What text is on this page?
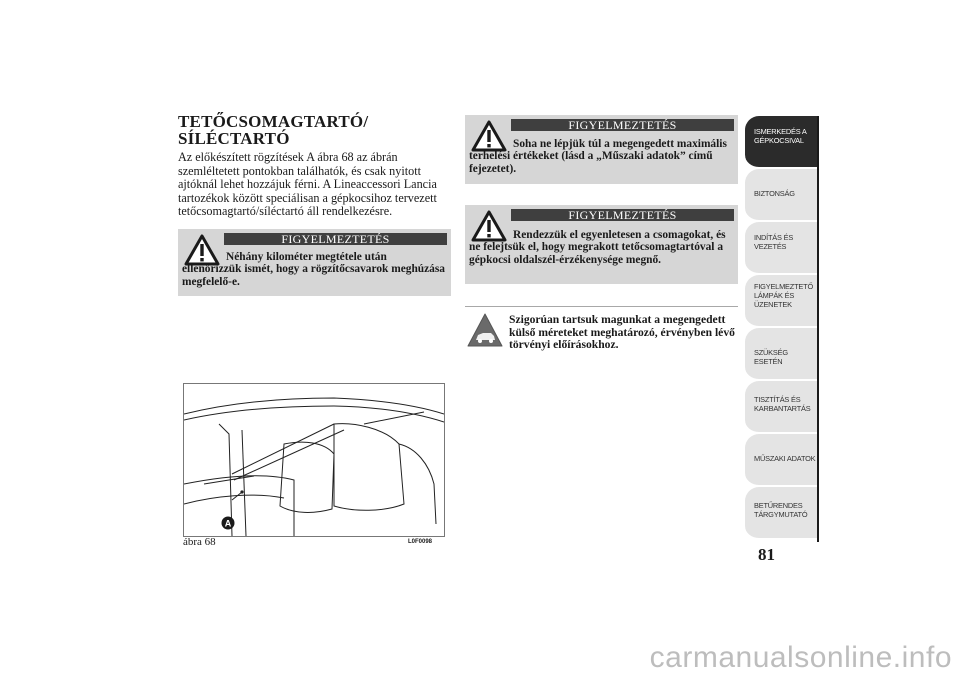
TETŐCSOMAGTARTÓ/
SÍLÉCTARTÓ
Az előkészített rögzítések A ábra 68 az ábrán szemléltetett pontokban találhatók, és csak nyitott ajtóknál lehet hozzájuk férni. A Lineaccessori Lancia tartozékok között speciálisan a gépkocsihoz tervezett tetőcsomagtartó/síléctartó áll rendelkezésre.
FIGYELMEZTETÉS
Néhány kilométer megtétele után ellenőrizzük ismét, hogy a rögzítőcsavarok meghúzása megfelelő-e.
FIGYELMEZTETÉS
Soha ne lépjük túl a megengedett maximális terhelési értékeket (lásd a „Műszaki adatok” című fejezetet).
FIGYELMEZTETÉS
Rendezzük el egyenletesen a csomagokat, és ne felejtsük el, hogy megrakott tetőcsomagtartóval a gépkocsi oldalszél-érzékenysége megnő.
Szigorúan tartsuk magunkat a megengedett külső méreteket meghatározó, érvényben lévő törvényi előírásokhoz.
A
ábra 68	L0F0098
ISMERKEDÉS A GÉPKOCSIVAL
BIZTONSÁG
INDÍTÁS ÉS VEZETÉS
FIGYELMEZTETŐ LÁMPÁK ÉS ÜZENETEK
SZÜKSÉG ESETÉN
TISZTÍTÁS ÉS KARBANTARTÁS
MŰSZAKI ADATOK
BETŰRENDES TÁRGYMUTATÓ
81
carmanualsonline.info
